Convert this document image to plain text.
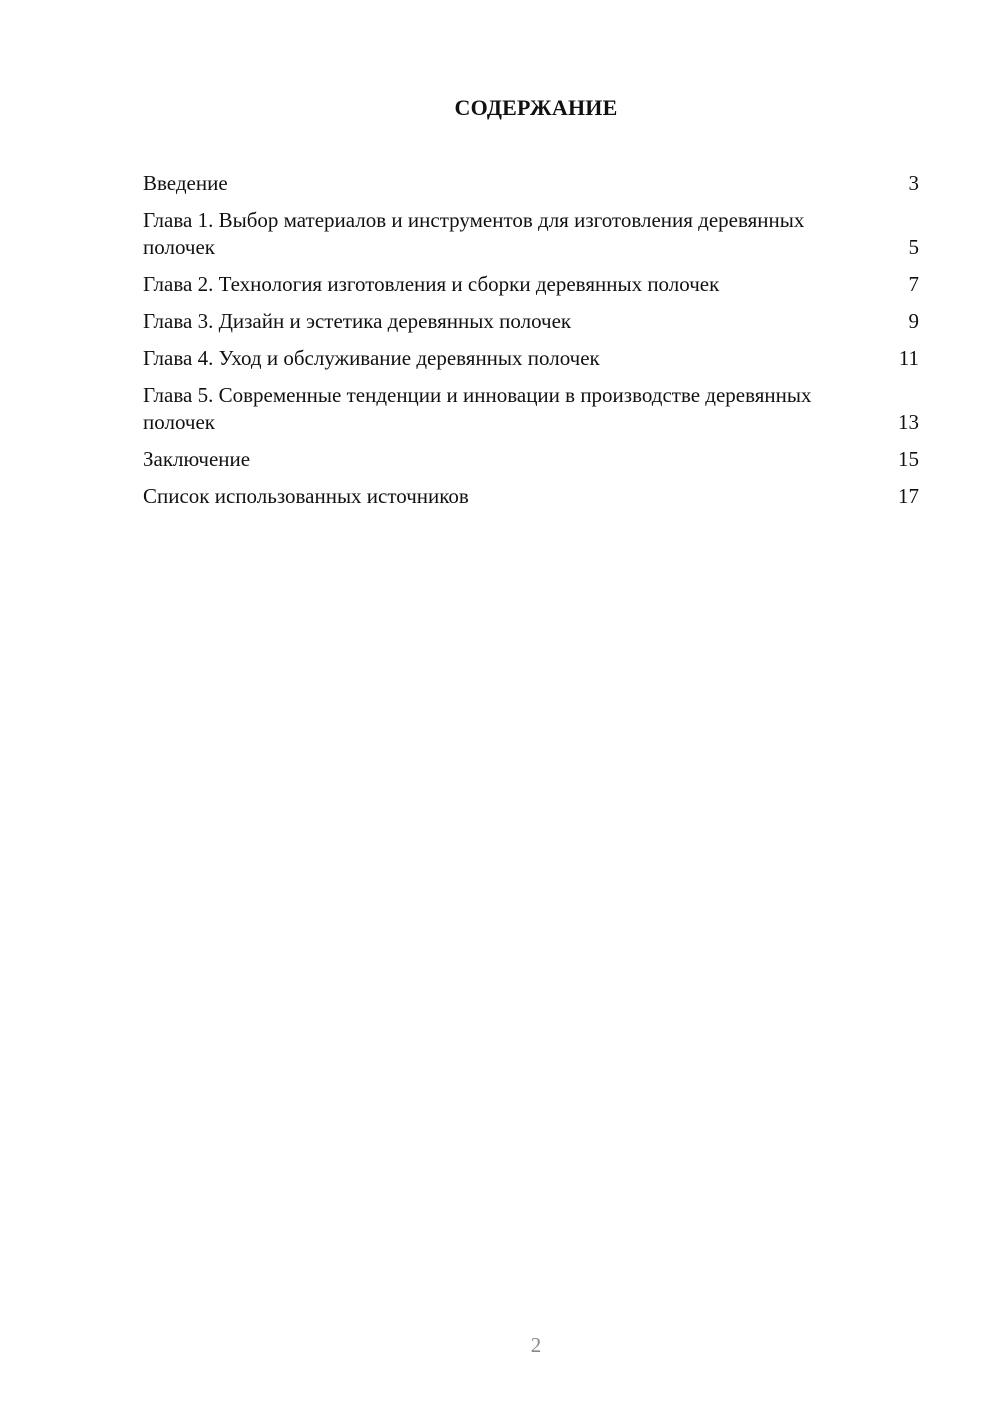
СОДЕРЖАНИЕ
Введение	3
Глава 1. Выбор материалов и инструментов для изготовления деревянных полочек	5
Глава 2. Технология изготовления и сборки деревянных полочек	7
Глава 3. Дизайн и эстетика деревянных полочек	9
Глава 4. Уход и обслуживание деревянных полочек	11
Глава 5. Современные тенденции и инновации в производстве деревянных полочек	13
Заключение	15
Список использованных источников	17
2
